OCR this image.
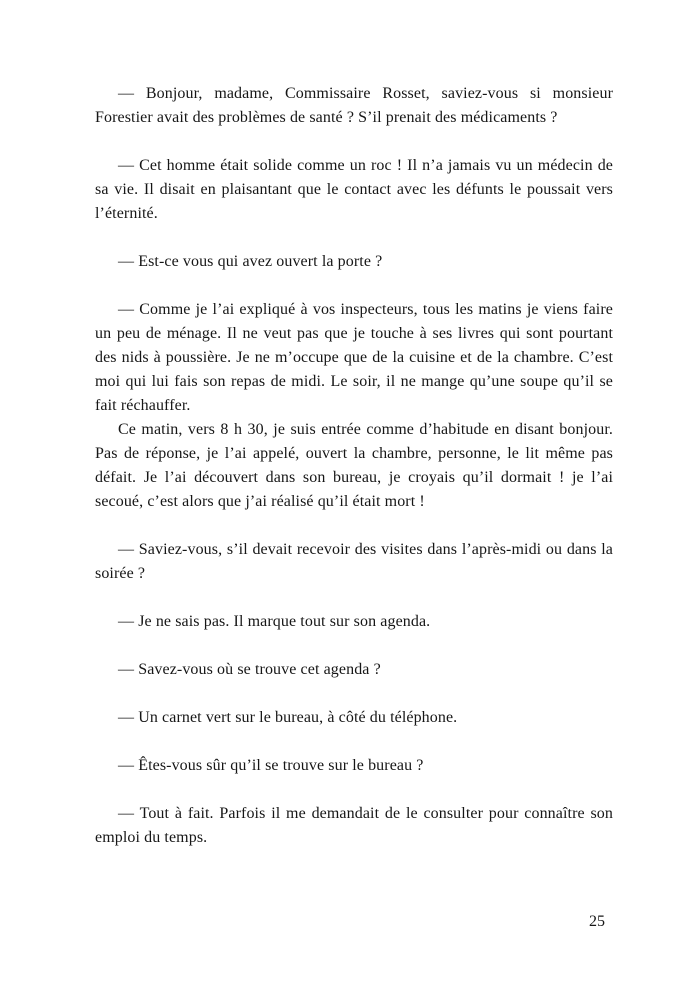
— Bonjour, madame, Commissaire Rosset, saviez-vous si monsieur Forestier avait des problèmes de santé ? S’il prenait des médicaments ?

— Cet homme était solide comme un roc ! Il n’a jamais vu un médecin de sa vie. Il disait en plaisantant que le contact avec les défunts le poussait vers l’éternité.

— Est-ce vous qui avez ouvert la porte ?

— Comme je l’ai expliqué à vos inspecteurs, tous les matins je viens faire un peu de ménage. Il ne veut pas que je touche à ses livres qui sont pourtant des nids à poussière. Je ne m’occupe que de la cuisine et de la chambre. C’est moi qui lui fais son repas de midi. Le soir, il ne mange qu’une soupe qu’il se fait réchauffer.

Ce matin, vers 8 h 30, je suis entrée comme d’habitude en disant bonjour. Pas de réponse, je l’ai appelé, ouvert la chambre, personne, le lit même pas défait. Je l’ai découvert dans son bureau, je croyais qu’il dormait ! je l’ai secoué, c’est alors que j’ai réalisé qu’il était mort !

— Saviez-vous, s’il devait recevoir des visites dans l’après-midi ou dans la soirée ?

— Je ne sais pas. Il marque tout sur son agenda.

— Savez-vous où se trouve cet agenda ?

— Un carnet vert sur le bureau, à côté du téléphone.

— Êtes-vous sûr qu’il se trouve sur le bureau ?

— Tout à fait. Parfois il me demandait de le consulter pour connaître son emploi du temps.

25
